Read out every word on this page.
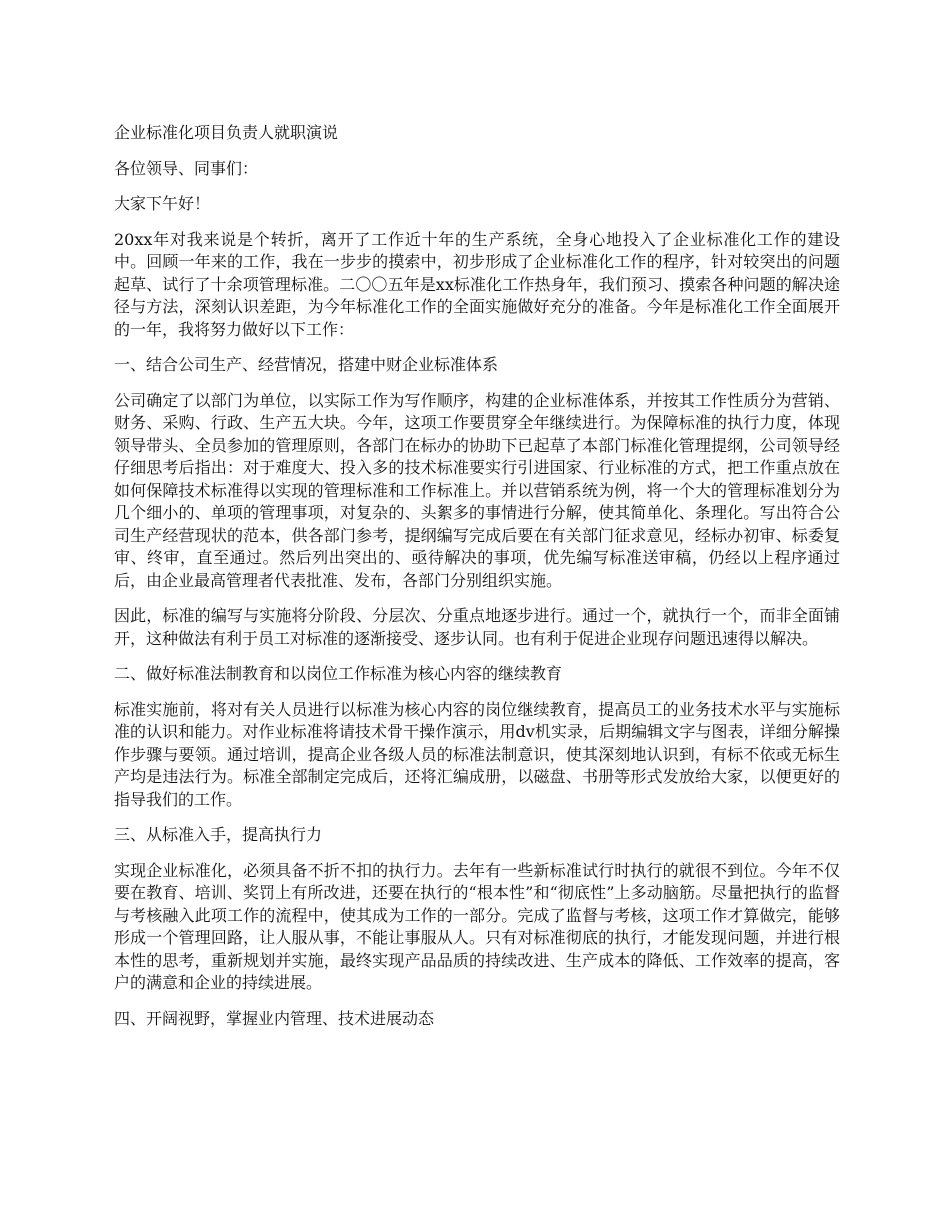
企业标准化项目负责人就职演说

各位领导、同事们：

大家下午好！

20xx年对我来说是个转折，离开了工作近十年的生产系统，全身心地投入了企业标准化工作的建设中。回顾一年来的工作，我在一步步的摸索中，初步形成了企业标准化工作的程序，针对较突出的问题起草、试行了十余项管理标准。二〇〇五年是xx标准化工作热身年，我们预习、摸索各种问题的解决途径与方法，深刻认识差距，为今年标准化工作的全面实施做好充分的准备。今年是标准化工作全面展开的一年，我将努力做好以下工作：

一、结合公司生产、经营情况，搭建中财企业标准体系

公司确定了以部门为单位，以实际工作为写作顺序，构建的企业标准体系，并按其工作性质分为营销、财务、采购、行政、生产五大块。今年，这项工作要贯穿全年继续进行。为保障标准的执行力度，体现领导带头、全员参加的管理原则，各部门在标办的协助下已起草了本部门标准化管理提纲，公司领导经仔细思考后指出：对于难度大、投入多的技术标准要实行引进国家、行业标准的方式，把工作重点放在如何保障技术标准得以实现的管理标准和工作标准上。并以营销系统为例，将一个大的管理标准划分为几个细小的、单项的管理事项，对复杂的、头絮多的事情进行分解，使其简单化、条理化。写出符合公司生产经营现状的范本，供各部门参考，提纲编写完成后要在有关部门征求意见，经标办初审、标委复审、终审，直至通过。然后列出突出的、亟待解决的事项，优先编写标准送审稿，仍经以上程序通过后，由企业最高管理者代表批准、发布，各部门分别组织实施。

因此，标准的编写与实施将分阶段、分层次、分重点地逐步进行。通过一个，就执行一个，而非全面铺开，这种做法有利于员工对标准的逐渐接受、逐步认同。也有利于促进企业现存问题迅速得以解决。

二、做好标准法制教育和以岗位工作标准为核心内容的继续教育

标准实施前，将对有关人员进行以标准为核心内容的岗位继续教育，提高员工的业务技术水平与实施标准的认识和能力。对作业标准将请技术骨干操作演示，用dv机实录，后期编辑文字与图表，详细分解操作步骤与要领。通过培训，提高企业各级人员的标准法制意识，使其深刻地认识到，有标不依或无标生产均是违法行为。标准全部制定完成后，还将汇编成册，以磁盘、书册等形式发放给大家，以便更好的指导我们的工作。

三、从标准入手，提高执行力

实现企业标准化，必须具备不折不扣的执行力。去年有一些新标准试行时执行的就很不到位。今年不仅要在教育、培训、奖罚上有所改进，还要在执行的“根本性”和“彻底性”上多动脑筋。尽量把执行的监督与考核融入此项工作的流程中，使其成为工作的一部分。完成了监督与考核，这项工作才算做完，能够形成一个管理回路，让人服从事，不能让事服从人。只有对标准彻底的执行，才能发现问题，并进行根本性的思考，重新规划并实施，最终实现产品品质的持续改进、生产成本的降低、工作效率的提高，客户的满意和企业的持续进展。

四、开阔视野，掌握业内管理、技术进展动态
